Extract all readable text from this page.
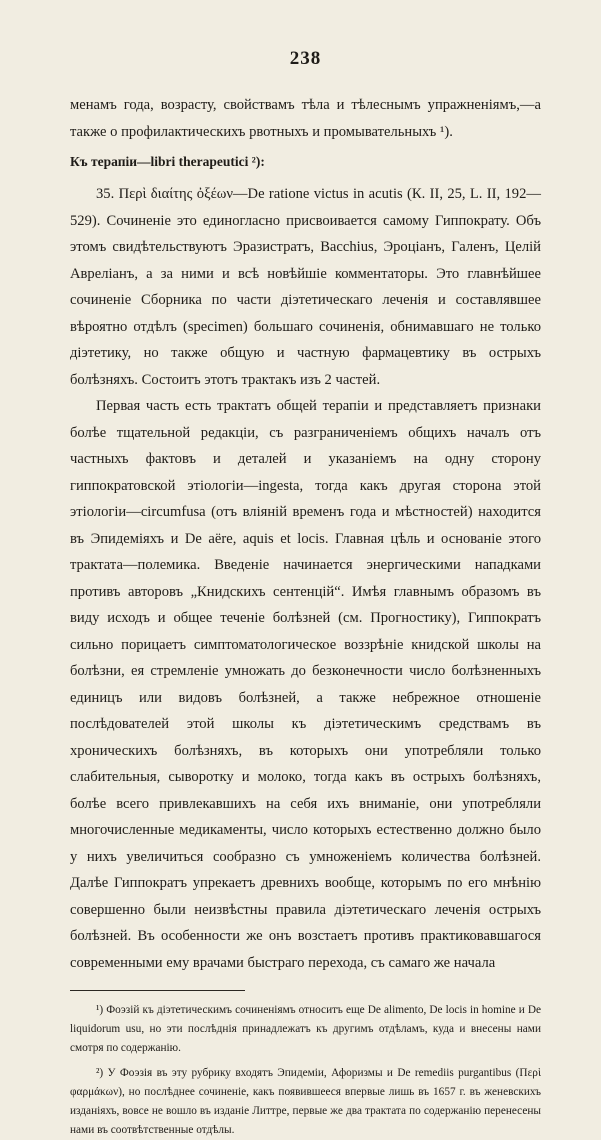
238

менамъ года, возрасту, свойствамъ тѣла и тѣлеснымъ упражненіямъ,—а также о профилактическихъ рвотныхъ и промывательныхъ ¹).

Къ терапіи—libri therapeutici ²):

35. Περὶ διαίτης ὀξέων—De ratione victus in acutis (К. II, 25, L. II, 192—529). Сочиненіе это единогласно присвоивается самому Гиппократу. Объ этомъ свидѣтельствуютъ Эразистратъ, Bacchius, Эроціанъ, Галенъ, Целій Авреліанъ, а за ними и всѣ новѣйшіе комментаторы. Это главнѣйшее сочиненіе Сборника по части діэтетическаго леченія и составлявшее вѣроятно отдѣлъ (specimen) большаго сочиненія, обнимавшаго не только діэтетику, но также общую и частную фармацевтику въ острыхъ болѣзняхъ. Состоитъ этотъ трактакъ изъ 2 частей.

Первая часть есть трактатъ общей терапіи и представляетъ признаки болѣе тщательной редакціи, съ разграниченіемъ общихъ началъ отъ частныхъ фактовъ и деталей и указаніемъ на одну сторону гиппократовской этіологіи—ingesta, тогда какъ другая сторона этой этіологіи—circumfusa (отъ вліяній временъ года и мѣстностей) находится въ Эпидеміяхъ и De aëre, aquis et locis. Главная цѣль и основаніе этого трактата—полемика. Введеніе начинается энергическими нападками противъ авторовъ „Книдскихъ сентенцій“. Имѣя главнымъ образомъ въ виду исходъ и общее теченіе болѣзней (см. Прогностику), Гиппократъ сильно порицаетъ симптоматологическое воззрѣніе книдской школы на болѣзни, ея стремленіе умножать до безконечности число болѣзненныхъ единицъ или видовъ болѣзней, а также небрежное отношеніе послѣдователей этой школы къ діэтетическимъ средствамъ въ хроническихъ болѣзняхъ, въ которыхъ они употребляли только слабительныя, сыворотку и молоко, тогда какъ въ острыхъ болѣзняхъ, болѣе всего привлекавшихъ на себя ихъ вниманіе, они употребляли многочисленные медикаменты, число которыхъ естественно должно было у нихъ увеличиться сообразно съ умноженіемъ количества болѣзней. Далѣе Гиппократъ упрекаетъ древнихъ вообще, которымъ по его мнѣнію совершенно были неизвѣстны правила діэтетическаго леченія острыхъ болѣзней. Въ особенности же онъ возстаетъ противъ практиковавшагося современными ему врачами быстраго перехода, съ самаго же начала

¹) Фоэзій къ діэтетическимъ сочиненіямъ относитъ еще De alimento, De locis in homine и De liquidorum usu, но эти послѣднія принадлежатъ къ другимъ отдѣламъ, куда и внесены нами смотря по содержанію.

²) У Фоэзія въ эту рубрику входятъ Эпидеміи, Афоризмы и De remediis purgantibus (Περὶ φαρμάκων), но послѣднее сочиненіе, какъ появившееся впервые лишь въ 1657 г. въ женевскихъ изданіяхъ, вовсе не вошло въ изданіе Литтре, первые же два трактата по содержанію перенесены нами въ соотвѣтственные отдѣлы.
